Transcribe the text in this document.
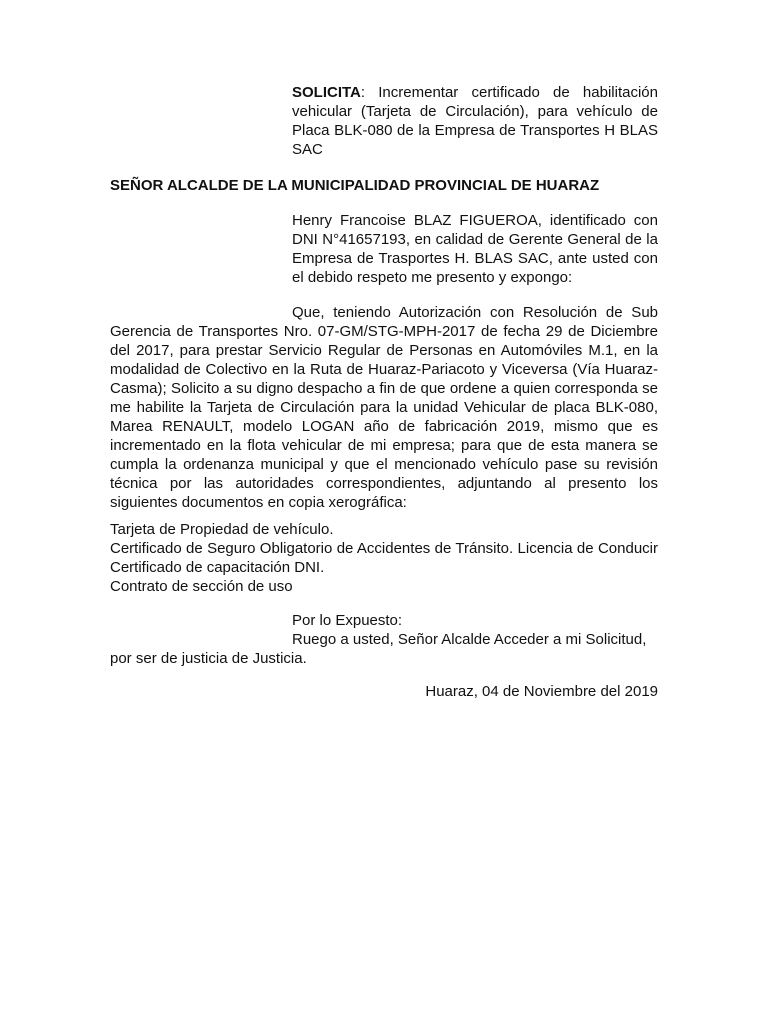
SOLICITA: Incrementar certificado de habilitación vehicular (Tarjeta de Circulación), para vehículo de Placa BLK-080 de la Empresa de Transportes H BLAS SAC
SEÑOR ALCALDE DE LA MUNICIPALIDAD PROVINCIAL DE HUARAZ
Henry Francoise BLAZ FIGUEROA, identificado con DNI N°41657193, en calidad de Gerente General de la Empresa de Trasportes H. BLAS SAC, ante usted con el debido respeto me presento y expongo:
Que, teniendo Autorización con Resolución de Sub Gerencia de Transportes Nro. 07-GM/STG-MPH-2017 de fecha 29 de Diciembre del 2017, para prestar Servicio Regular de Personas en Automóviles M.1, en la modalidad de Colectivo en la Ruta de Huaraz-Pariacoto y Viceversa (Vía Huaraz-Casma); Solicito a su digno despacho a fin de que ordene a quien corresponda se me habilite la Tarjeta de Circulación para la unidad Vehicular de placa BLK-080, Marea RENAULT, modelo LOGAN año de fabricación 2019, mismo que es incrementado en la flota vehicular de mi empresa; para que de esta manera se cumpla la ordenanza municipal y que el mencionado vehículo pase su revisión técnica por las autoridades correspondientes, adjuntando al presento los siguientes documentos en copia xerográfica:
Tarjeta de Propiedad de vehículo.
Certificado de Seguro Obligatorio de Accidentes de Tránsito. Licencia de Conducir Certificado de capacitación DNI.
Contrato de sección de uso
Por lo Expuesto:
Ruego a usted, Señor Alcalde Acceder a mi Solicitud,
por ser de justicia de Justicia.
Huaraz, 04 de Noviembre del 2019
